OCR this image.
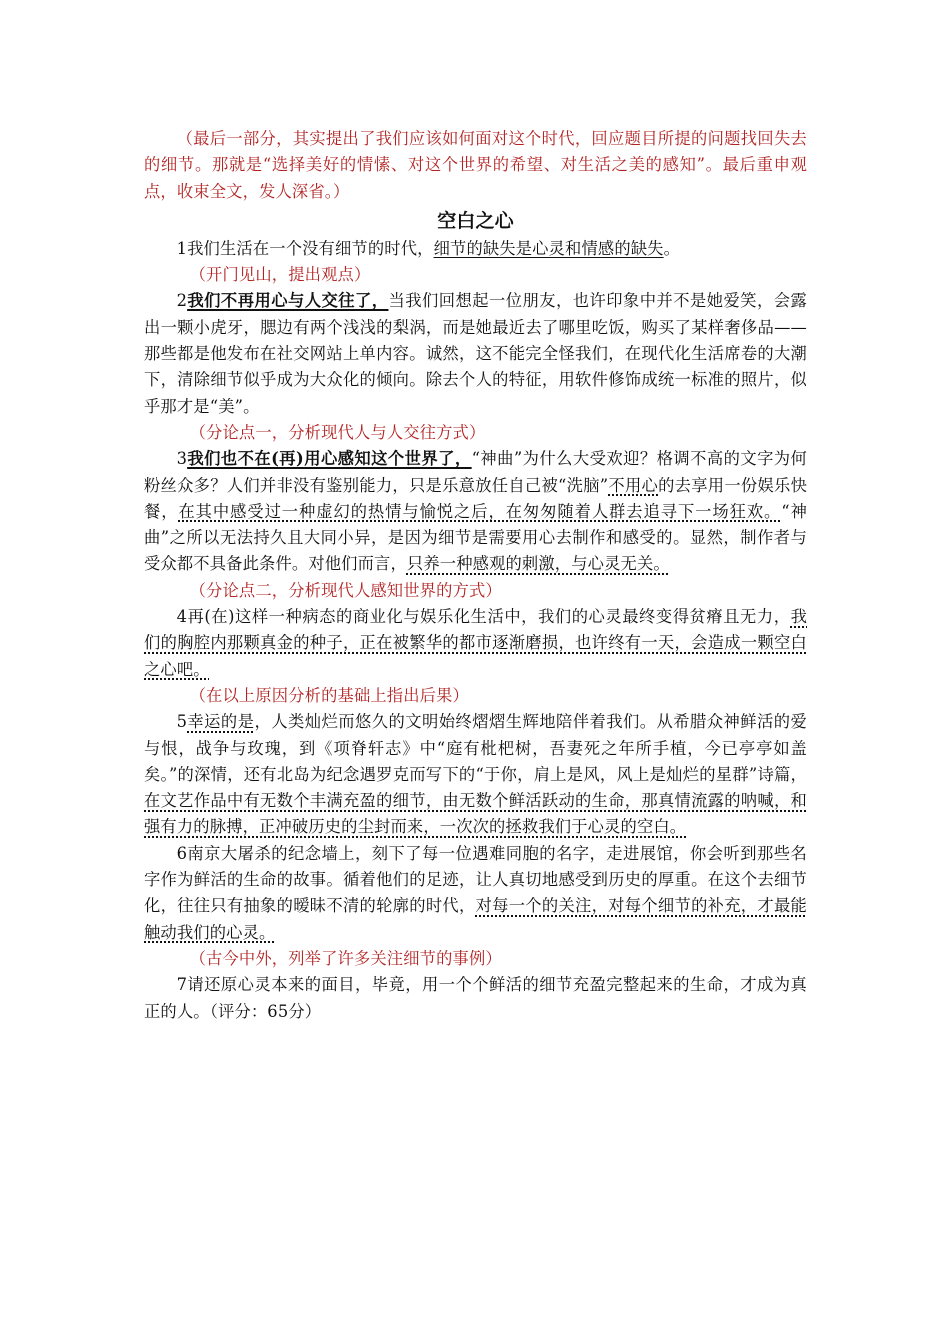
（最后一部分，其实提出了我们应该如何面对这个时代，回应题目所提的问题找回失去的细节。那就是“选择美好的情愫、对这个世界的希望、对生活之美的感知”。最后重申观点，收束全文，发人深省。）

空白之心

1我们生活在一个没有细节的时代，细节的缺失是心灵和情感的缺失。

（开门见山，提出观点）

2我们不再用心与人交往了，当我们回想起一位朋友，也许印象中并不是她爱笑，会露出一颗小虎牙，腮边有两个浅浅的梨涡，而是她最近去了哪里吃饭，购买了某样奢侈品——那些都是他发布在社交网站上单内容。诚然，这不能完全怪我们，在现代化生活席卷的大潮下，清除细节似乎成为大众化的倾向。除去个人的特征，用软件修饰成统一标准的照片，似乎那才是“美”。

（分论点一，分析现代人与人交往方式）

3我们也不在(再)用心感知这个世界了，“神曲”为什么大受欢迎？格调不高的文字为何粉丝众多？人们并非没有鉴别能力，只是乐意放任自己被“洗脑”不用心的去享用一份娱乐快餐，在其中感受过一种虚幻的热情与愉悦之后，在匆匆随着人群去追寻下一场狂欢。“神曲”之所以无法持久且大同小异，是因为细节是需要用心去制作和感受的。显然，制作者与受众都不具备此条件。对他们而言，只养一种感观的刺激，与心灵无关。

（分论点二，分析现代人感知世界的方式）

4再(在)这样一种病态的商业化与娱乐化生活中，我们的心灵最终变得贫瘠且无力，我们的胸腔内那颗真金的种子，正在被繁华的都市逐渐磨损，也许终有一天，会造成一颗空白之心吧。

（在以上原因分析的基础上指出后果）

5幸运的是，人类灿烂而悠久的文明始终熠熠生辉地陪伴着我们。从希腊众神鲜活的爱与恨，战争与玫瑰，到《项脊轩志》中“庭有枇杷树，吾妻死之年所手植，今已亭亭如盖矣。”的深情，还有北岛为纪念遇罗克而写下的“于你，肩上是风，风上是灿烂的星群”诗篇，在文艺作品中有无数个丰满充盈的细节，由无数个鲜活跃动的生命，那真情流露的呐喊，和强有力的脉搏，正冲破历史的尘封而来，一次次的拯救我们于心灵的空白。

6南京大屠杀的纪念墙上，刻下了每一位遇难同胞的名字，走进展馆，你会听到那些名字作为鲜活的生命的故事。循着他们的足迹，让人真切地感受到历史的厚重。在这个去细节化，往往只有抽象的暧昧不清的轮廓的时代，对每一个的关注，对每个细节的补充，才最能触动我们的心灵。

（古今中外，列举了许多关注细节的事例）

7请还原心灵本来的面目，毕竟，用一个个鲜活的细节充盈完整起来的生命，才成为真正的人。（评分：65分）
